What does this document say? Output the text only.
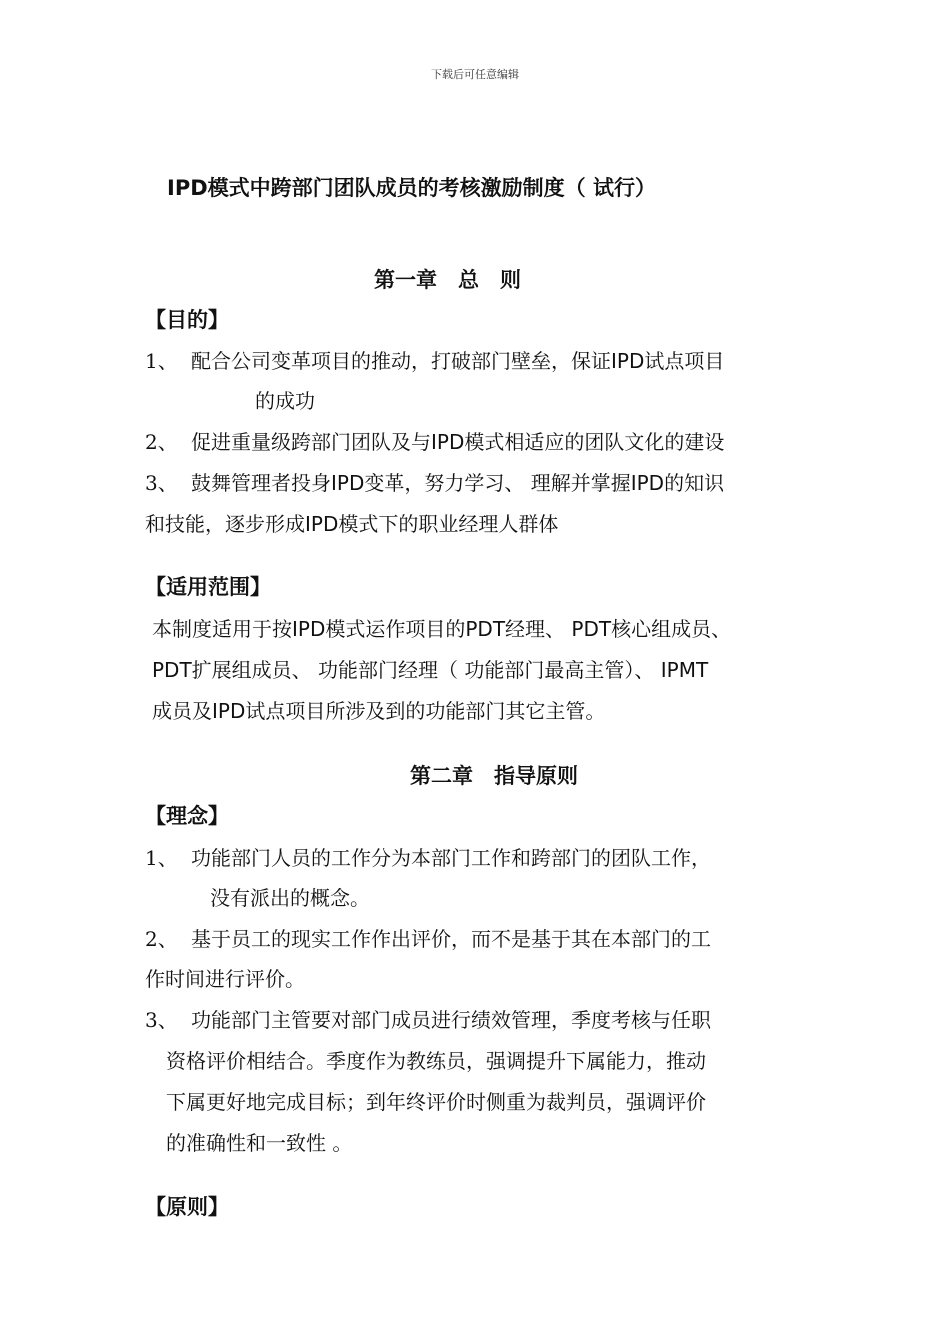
下载后可任意编辑
IPD模式中跨部门团队成员的考核激励制度（ 试行）
第一章　总　则
【目的】
1、 配合公司变革项目的推动，打破部门壁垒，保证IPD试点项目
的成功
2、 促进重量级跨部门团队及与IPD模式相适应的团队文化的建设
3、 鼓舞管理者投身IPD变革，努力学习、 理解并掌握IPD的知识
和技能，逐步形成IPD模式下的职业经理人群体
【适用范围】
本制度适用于按IPD模式运作项目的PDT经理、 PDT核心组成员、
PDT扩展组成员、 功能部门经理（ 功能部门最高主管）、 IPMT
成员及IPD试点项目所涉及到的功能部门其它主管。
第二章　指导原则
【理念】
1、 功能部门人员的工作分为本部门工作和跨部门的团队工作，
没有派出的概念。
2、 基于员工的现实工作作出评价，而不是基于其在本部门的工
作时间进行评价。
3、 功能部门主管要对部门成员进行绩效管理，季度考核与任职
资格评价相结合。季度作为教练员，强调提升下属能力，推动
下属更好地完成目标；到年终评价时侧重为裁判员，强调评价
的准确性和一致性 。
【原则】
